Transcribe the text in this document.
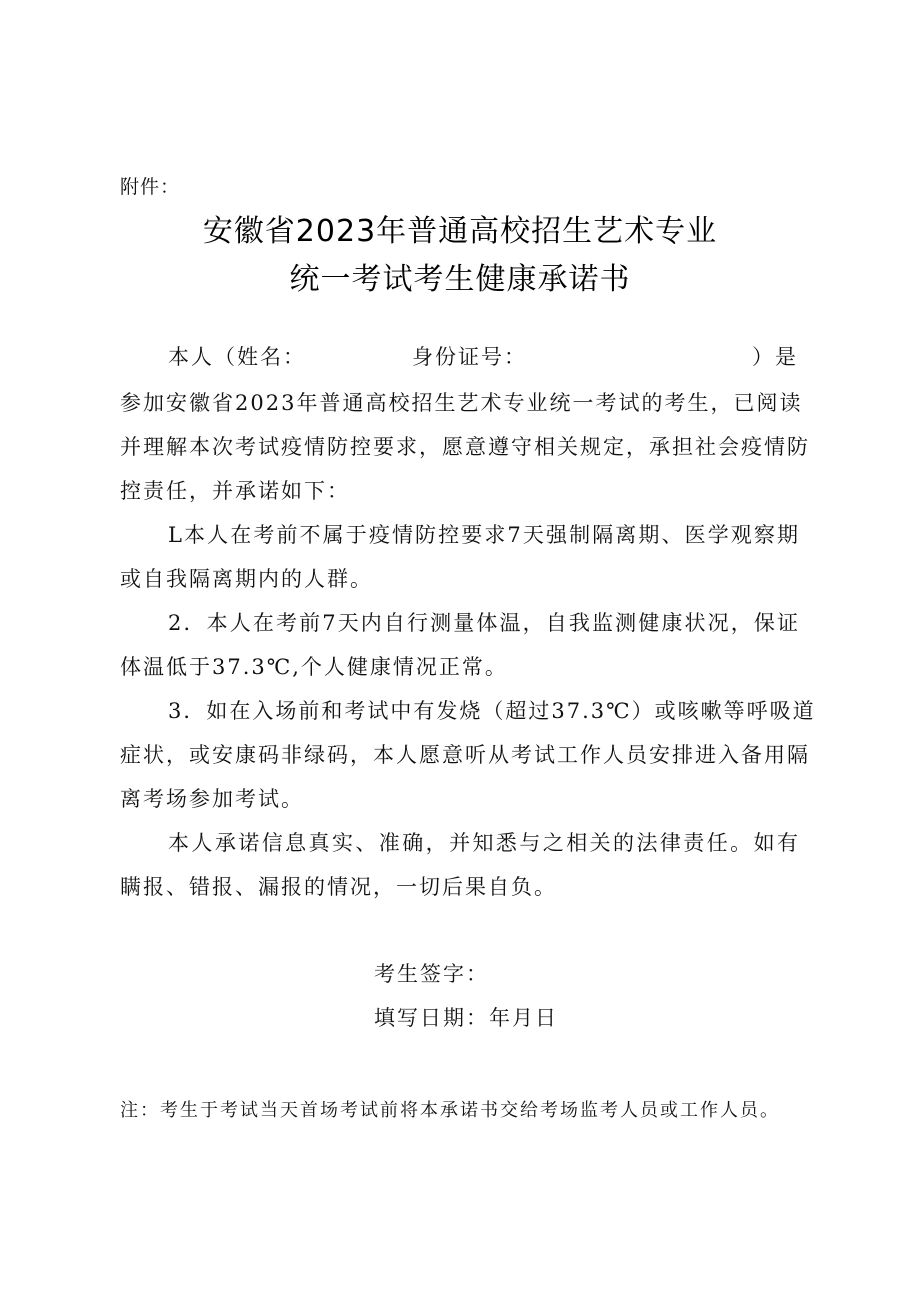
附件：
安徽省2023年普通高校招生艺术专业
统一考试考生健康承诺书
本人（姓名：	身份证号：	）是
参加安徽省2023年普通高校招生艺术专业统一考试的考生，已阅读
并理解本次考试疫情防控要求，愿意遵守相关规定，承担社会疫情防
控责任，并承诺如下：
L本人在考前不属于疫情防控要求7天强制隔离期、医学观察期
或自我隔离期内的人群。
2．本人在考前7天内自行测量体温，自我监测健康状况，保证
体温低于37.3℃,个人健康情况正常。
3．如在入场前和考试中有发烧（超过37.3℃）或咳嗽等呼吸道
症状，或安康码非绿码，本人愿意听从考试工作人员安排进入备用隔
离考场参加考试。
本人承诺信息真实、准确，并知悉与之相关的法律责任。如有
瞒报、错报、漏报的情况，一切后果自负。
考生签字：
填写日期：年月日
注：考生于考试当天首场考试前将本承诺书交给考场监考人员或工作人员。
